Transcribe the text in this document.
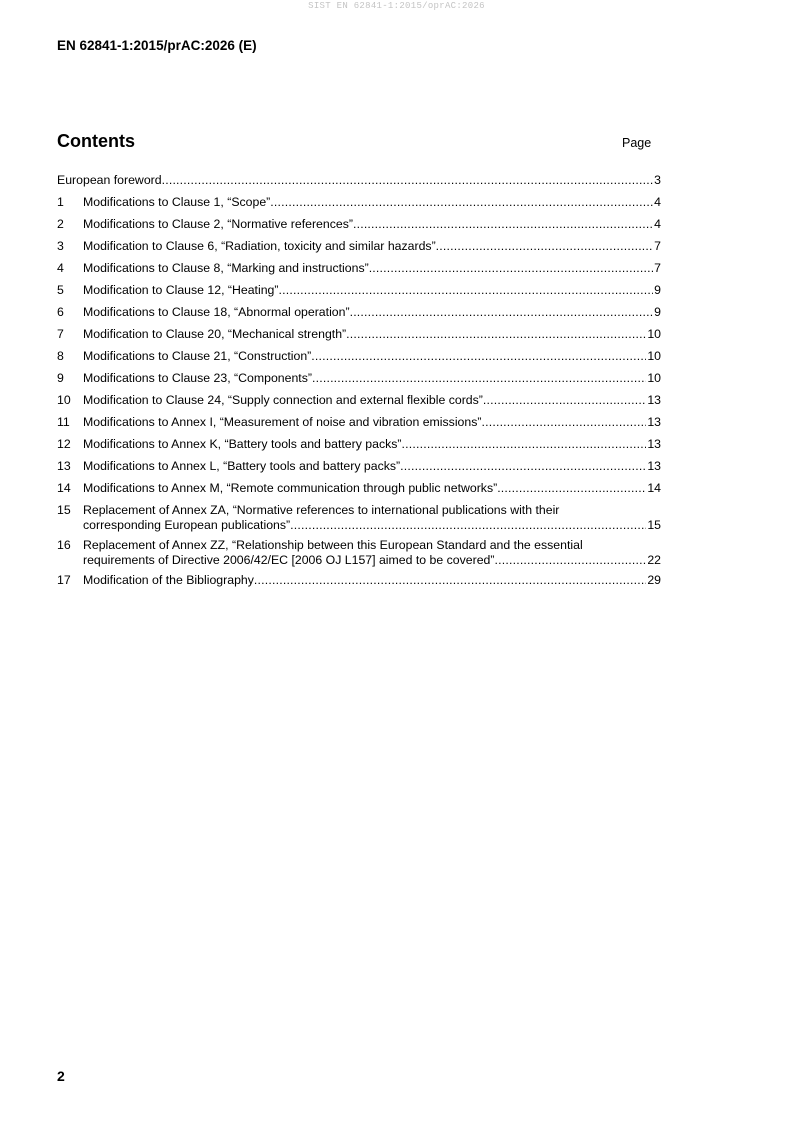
SIST EN 62841-1:2015/oprAC:2026
EN 62841-1:2015/prAC:2026 (E)
Contents	Page
European foreword .....	3
1	Modifications to Clause 1, “Scope” .....	4
2	Modifications to Clause 2, “Normative references” .....	4
3	Modification to Clause 6, “Radiation, toxicity and similar hazards” .....	7
4	Modifications to Clause 8, “Marking and instructions” .....	7
5	Modification to Clause 12, “Heating” .....	9
6	Modifications to Clause 18, “Abnormal operation” .....	9
7	Modification to Clause 20, “Mechanical strength” .....	10
8	Modifications to Clause 21, “Construction” .....	10
9	Modifications to Clause 23, “Components” .....	10
10	Modification to Clause 24, “Supply connection and external flexible cords” .....	13
11	Modifications to Annex I, “Measurement of noise and vibration emissions” .....	13
12	Modifications to Annex K, “Battery tools and battery packs” .....	13
13	Modifications to Annex L, “Battery tools and battery packs” .....	13
14	Modifications to Annex M, “Remote communication through public networks” .....	14
15	Replacement of Annex ZA, “Normative references to international publications with their
corresponding European publications” .....	15
16	Replacement of Annex ZZ, “Relationship between this European Standard and the essential
requirements of Directive 2006/42/EC [2006 OJ L157] aimed to be covered” .....	22
17	Modification of the Bibliography .....	29
2
